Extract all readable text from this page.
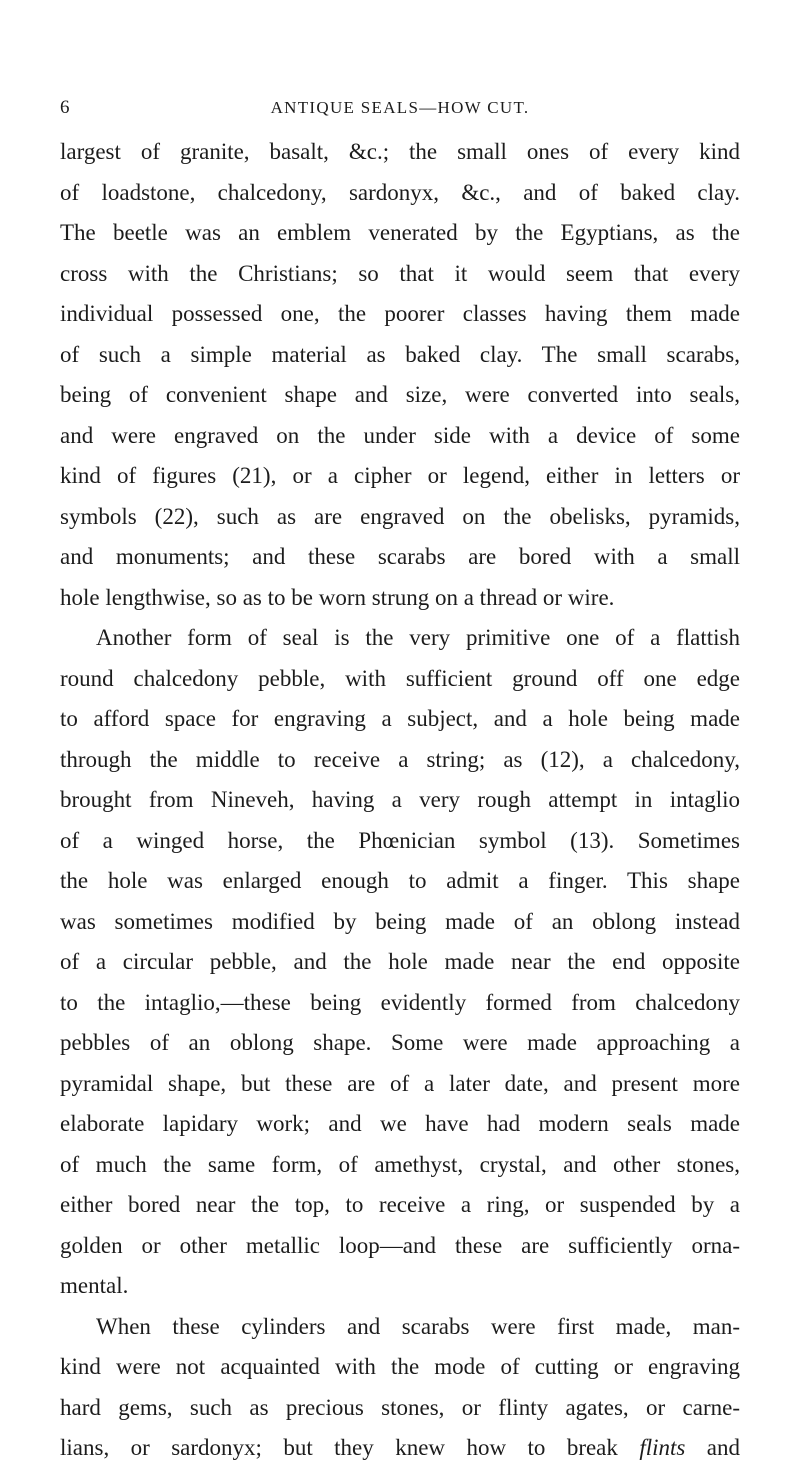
6	ANTIQUE SEALS—HOW CUT.
largest of granite, basalt, &c.; the small ones of every kind
of loadstone, chalcedony, sardonyx, &c., and of baked clay.
The beetle was an emblem venerated by the Egyptians, as the
cross with the Christians; so that it would seem that every
individual possessed one, the poorer classes having them made
of such a simple material as baked clay. The small scarabs,
being of convenient shape and size, were converted into seals,
and were engraved on the under side with a device of some
kind of figures (21), or a cipher or legend, either in letters or
symbols (22), such as are engraved on the obelisks, pyramids,
and monuments; and these scarabs are bored with a small
hole lengthwise, so as to be worn strung on a thread or wire.
Another form of seal is the very primitive one of a flattish
round chalcedony pebble, with sufficient ground off one edge
to afford space for engraving a subject, and a hole being made
through the middle to receive a string; as (12), a chalcedony,
brought from Nineveh, having a very rough attempt in intaglio
of a winged horse, the Phœnician symbol (13). Sometimes
the hole was enlarged enough to admit a finger. This shape
was sometimes modified by being made of an oblong instead
of a circular pebble, and the hole made near the end opposite
to the intaglio,—these being evidently formed from chalcedony
pebbles of an oblong shape. Some were made approaching a
pyramidal shape, but these are of a later date, and present more
elaborate lapidary work; and we have had modern seals made
of much the same form, of amethyst, crystal, and other stones,
either bored near the top, to receive a ring, or suspended by a
golden or other metallic loop—and these are sufficiently orna-
mental.
When these cylinders and scarabs were first made, man-
kind were not acquainted with the mode of cutting or engraving
hard gems, such as precious stones, or flinty agates, or carne-
lians, or sardonyx; but they knew how to break flints and
